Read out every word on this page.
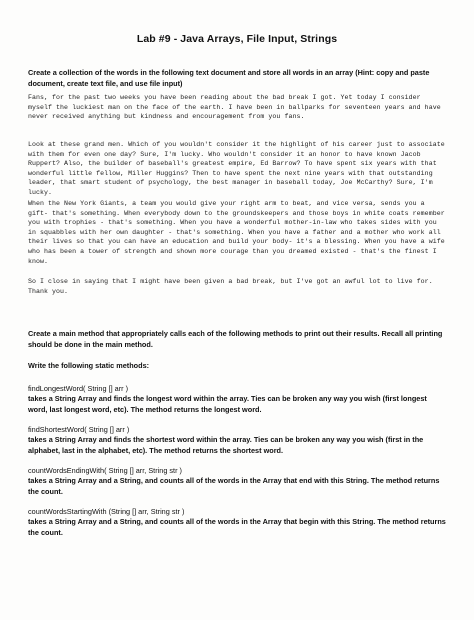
Lab #9 - Java Arrays, File Input, Strings

Create a collection of the words in the following text document and store all words in an array (Hint: copy and paste document, create text file, and use file input)

Fans, for the past two weeks you have been reading about the bad break I got. Yet today I consider myself the luckiest man on the face of the earth. I have been in ballparks for seventeen years and have never received anything but kindness and encouragement from you fans.

Look at these grand men. Which of you wouldn't consider it the highlight of his career just to associate with them for even one day? Sure, I'm lucky. Who wouldn't consider it an honor to have known Jacob Ruppert? Also, the builder of baseball's greatest empire, Ed Barrow? To have spent six years with that wonderful little fellow, Miller Huggins? Then to have spent the next nine years with that outstanding leader, that smart student of psychology, the best manager in baseball today, Joe McCarthy? Sure, I'm lucky.

When the New York Giants, a team you would give your right arm to beat, and vice versa, sends you a gift- that's something. When everybody down to the groundskeepers and those boys in white coats remember you with trophies - that's something. When you have a wonderful mother-in-law who takes sides with you in squabbles with her own daughter - that's something. When you have a father and a mother who work all their lives so that you can have an education and build your body- it's a blessing. When you have a wife who has been a tower of strength and shown more courage than you dreamed existed - that's the finest I know.

So I close in saying that I might have been given a bad break, but I've got an awful lot to live for. Thank you.

Create a main method that appropriately calls each of the following methods to print out their results. Recall all printing should be done in the main method.

Write the following static methods:

findLongestWord( String [] arr )

takes a String Array and finds the longest word within the array. Ties can be broken any way you wish (first longest word, last longest word, etc). The method returns the longest word.

findShortestWord( String [] arr )

takes a String Array and finds the shortest word within the array. Ties can be broken any way you wish (first in the alphabet, last in the alphabet, etc). The method returns the shortest word.

countWordsEndingWith( String [] arr, String str )

takes a String Array and a String, and counts all of the words in the Array that end with this String. The method returns the count.

countWordsStartingWith (String [] arr, String str )

takes a String Array and a String, and counts all of the words in the Array that begin with this String. The method returns the count.
